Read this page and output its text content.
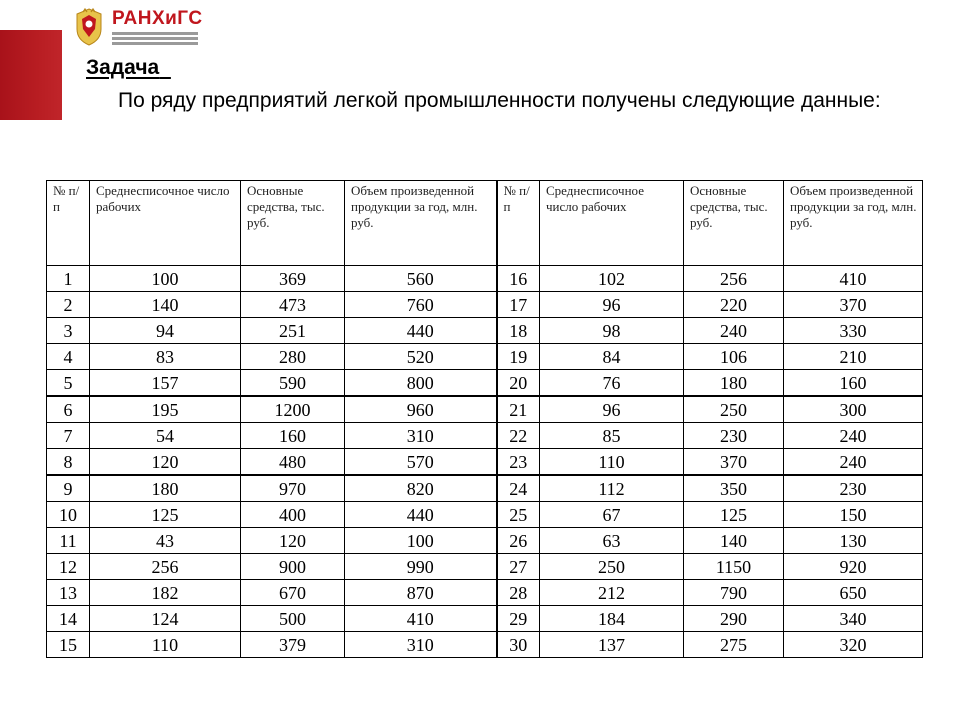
РАНХиГС
Задача
По ряду предприятий легкой промышленности получены следующие данные:
№ п/п	Среднесписочное число рабочих	Основные средства, тыс. руб.	Объем произведенной продукции за год, млн. руб.	№ п/п	Среднесписочное число рабочих	Основные средства, тыс. руб.	Объем произведенной продукции за год, млн. руб.
1	100	369	560	16	102	256	410
2	140	473	760	17	96	220	370
3	94	251	440	18	98	240	330
4	83	280	520	19	84	106	210
5	157	590	800	20	76	180	160
6	195	1200	960	21	96	250	300
7	54	160	310	22	85	230	240
8	120	480	570	23	110	370	240
9	180	970	820	24	112	350	230
10	125	400	440	25	67	125	150
11	43	120	100	26	63	140	130
12	256	900	990	27	250	1150	920
13	182	670	870	28	212	790	650
14	124	500	410	29	184	290	340
15	110	379	310	30	137	275	320
